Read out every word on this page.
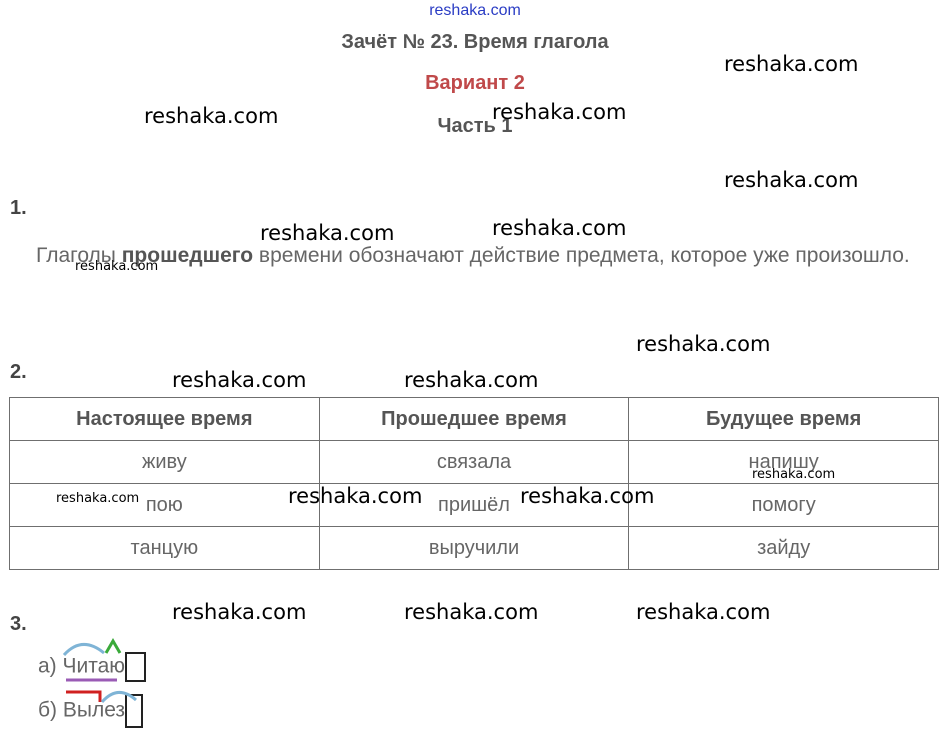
reshaka.com
Зачёт № 23. Время глагола
Вариант 2
Часть 1
1.
Глаголы прошедшего времени обозначают действие предмета, которое уже произошло.
2.
Настоящее время	Прошедшее время	Будущее время
живу	связала	напишу
пою	пришёл	помогу
танцую	выручили	зайду
3.
а) Читаю
б) Вылез
reshaka.com
reshaka.com	reshaka.com
reshaka.com
reshaka.com	reshaka.com
reshaka.com
reshaka.com
reshaka.com	reshaka.com
reshaka.com
reshaka.com	reshaka.com	reshaka.com
reshaka.com	reshaka.com	reshaka.com
